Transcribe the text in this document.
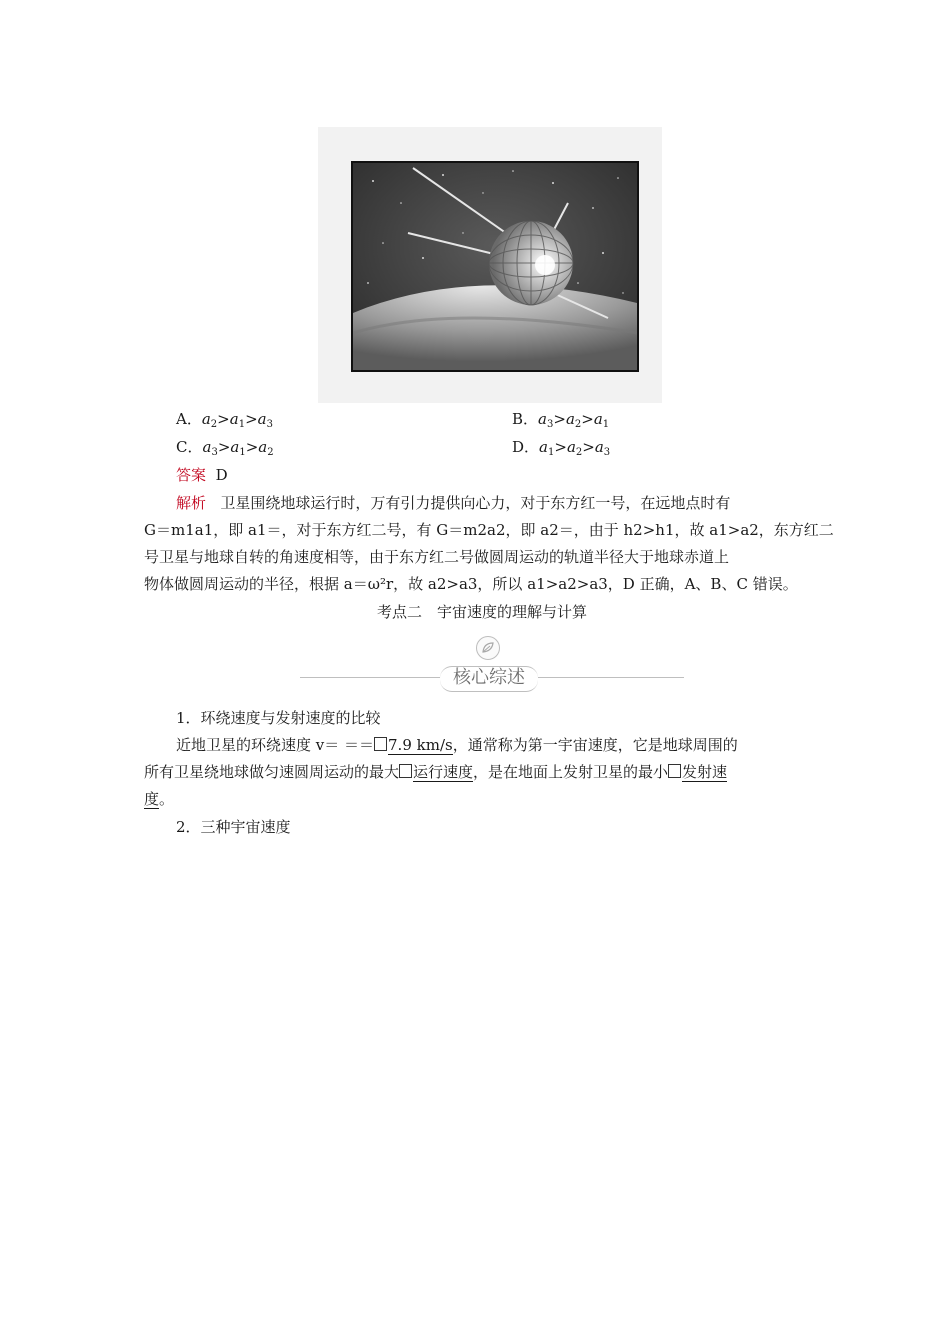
A．$a_2>a_1>a_3$	B．$a_3>a_2>a_1$
C．$a_3>a_1>a_2$	D．$a_1>a_2>a_3$
答案 D
解析 卫星围绕地球运行时，万有引力提供向心力，对于东方红一号，在远地点时有
G＝m1a1，即 a1＝，对于东方红二号，有 G＝m2a2，即 a2＝，由于 h2>h1，故 a1>a2，东方红二
号卫星与地球自转的角速度相等，由于东方红二号做圆周运动的轨道半径大于地球赤道上
物体做圆周运动的半径，根据 a＝ω²r，故 a2>a3，所以 a1>a2>a3，D 正确，A、B、C 错误。
考点二　宇宙速度的理解与计算
核心综述
1．环绕速度与发射速度的比较
近地卫星的环绕速度 v＝ ＝＝ 7.9 km/s，通常称为第一宇宙速度，它是地球周围的
所有卫星绕地球做匀速圆周运动的最大 运行速度，是在地面上发射卫星的最小 发射速
度。
2．三种宇宙速度
